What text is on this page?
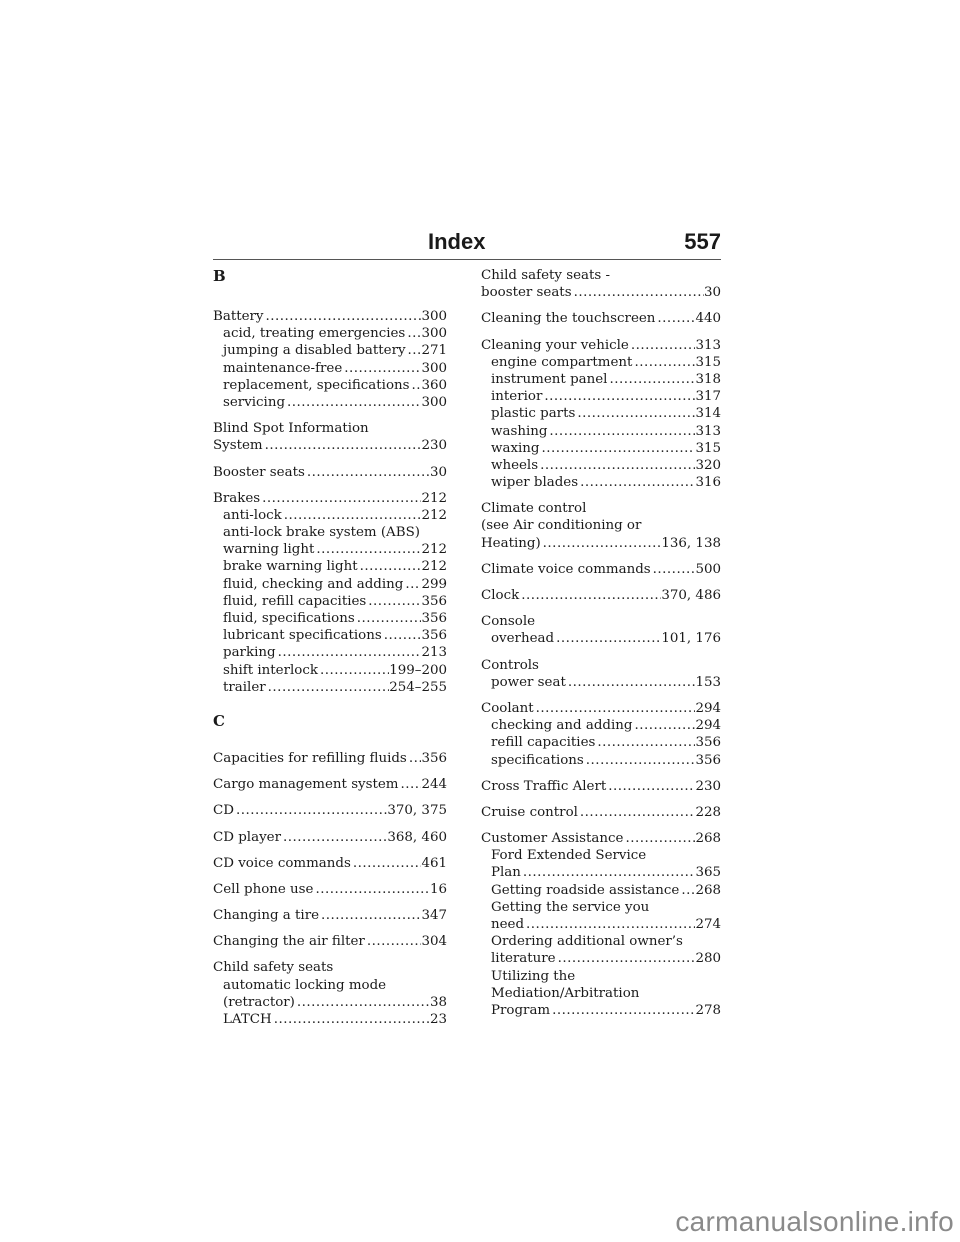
Index	557
B
Battery .....	300
acid, treating emergencies ..... 300
jumping a disabled battery ..... 271
maintenance-free .....	300
replacement, specifications ..... 360
servicing .....	300
Blind Spot Information
System .....	230
Booster seats .....	30
Brakes .....	212
anti-lock .....	212
anti-lock brake system (ABS)
warning light .....	212
brake warning light .....	212
fluid, checking and adding ..... 299
fluid, refill capacities .....	356
fluid, specifications .....	356
lubricant specifications .....	356
parking .....	213
shift interlock .....	199–200
trailer .....	254–255
C
Capacities for refilling fluids ..... 356
Cargo management system ..... 244
CD .....	370, 375
CD player .....	368, 460
CD voice commands .....	461
Cell phone use .....	16
Changing a tire .....	347
Changing the air filter .....	304
Child safety seats
automatic locking mode
(retractor) .....	38
LATCH .....	23
Child safety seats -
booster seats .....	30
Cleaning the touchscreen .....	440
Cleaning your vehicle .....	313
engine compartment .....	315
instrument panel .....	318
interior .....	317
plastic parts .....	314
washing .....	313
waxing .....	315
wheels .....	320
wiper blades .....	316
Climate control
(see Air conditioning or
Heating) .....	136, 138
Climate voice commands .....	500
Clock .....	370, 486
Console
overhead .....	101, 176
Controls
power seat .....	153
Coolant .....	294
checking and adding .....	294
refill capacities .....	356
specifications .....	356
Cross Traffic Alert .....	230
Cruise control .....	228
Customer Assistance .....	268
Ford Extended Service
Plan .....	365
Getting roadside assistance ..... 268
Getting the service you
need .....	274
Ordering additional owner’s
literature .....	280
Utilizing the
Mediation/Arbitration
Program .....	278
carmanualsonline.info
